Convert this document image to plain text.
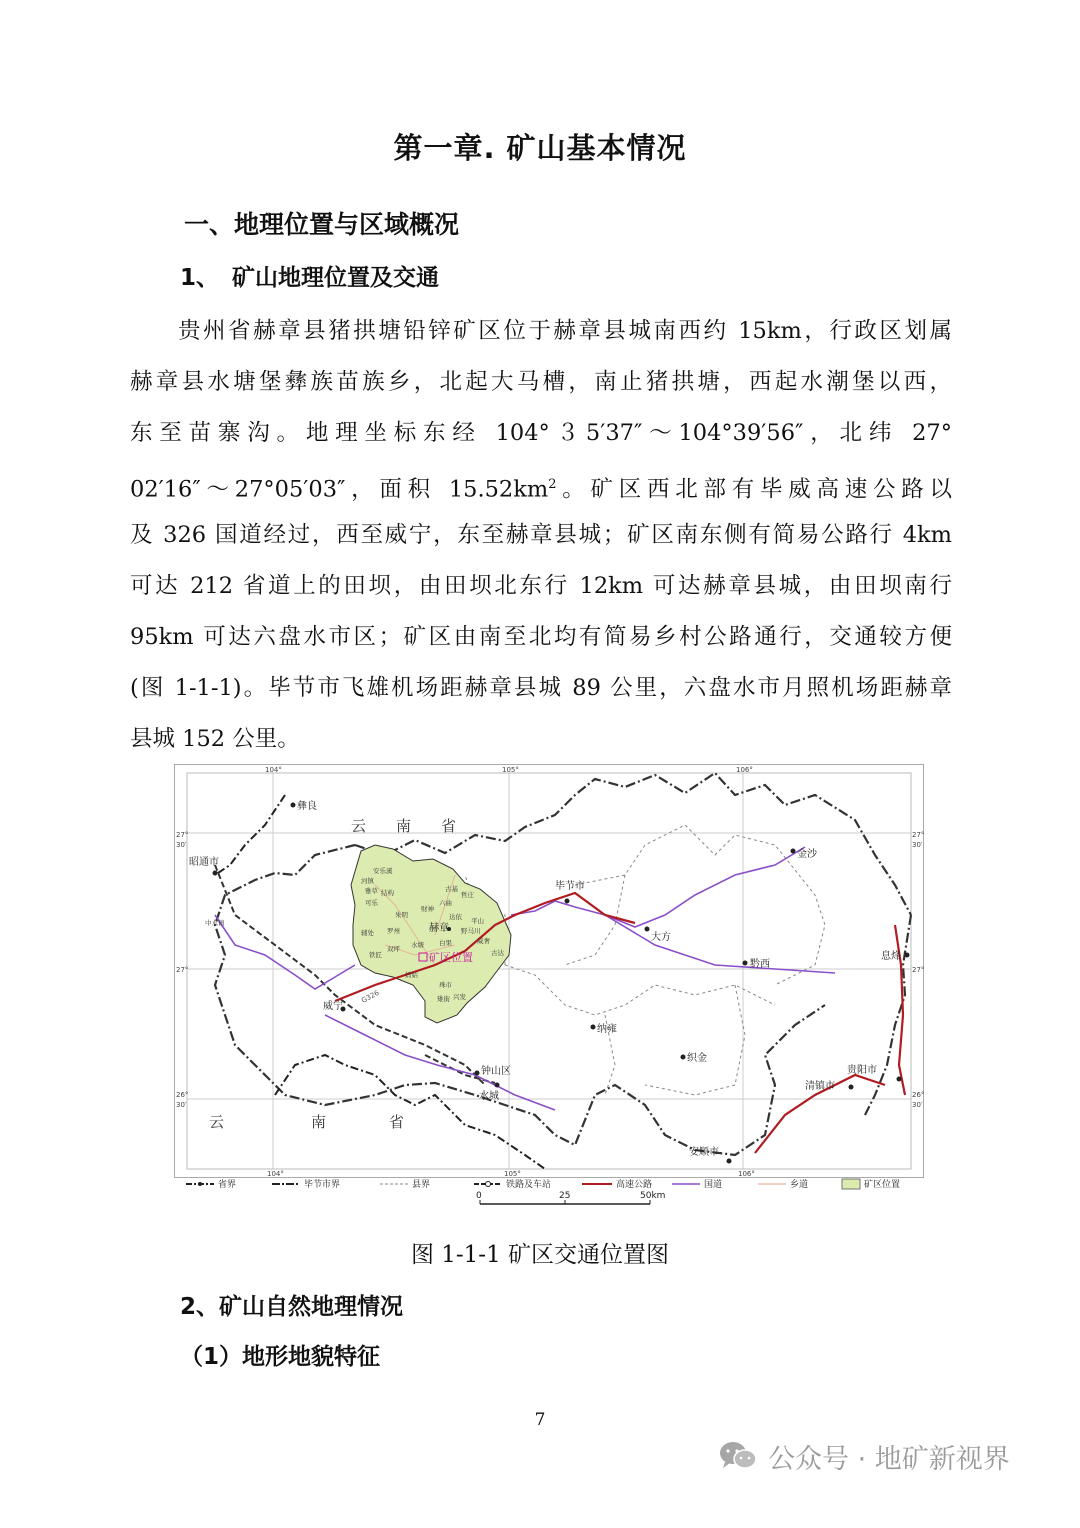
第一章. 矿山基本情况
一、地理位置与区域概况
1、 矿山地理位置及交通
贵州省赫章县猪拱塘铅锌矿区位于赫章县城南西约 15km，行政区划属
赫章县水塘堡彝族苗族乡，北起大马槽，南止猪拱塘，西起水潮堡以西，
东至苗寨沟。地理坐标东经 104°３5′37″～104°39′56″，北纬 27°
02′16″～27°05′03″，面积 $15.52km^2$。矿区西北部有毕威高速公路以
及 326 国道经过，西至威宁，东至赫章县城；矿区南东侧有简易公路行 4km
可达 212 省道上的田坝，由田坝北东行 12km 可达赫章县城，由田坝南行
95km 可达六盘水市区；矿区由南至北均有简易乡村公路通行，交通较方便
(图 1-1-1)。毕节市飞雄机场距赫章县城 89 公里，六盘水市月照机场距赫章
县城 152 公里。
104°	105°	106°
104°	105°	106°
27°
30′
27°
26°
30′
27°
30′
27°
26°
30′
彝良
昭通市
毕节市
金沙
大方
黔西
息烽
威宁
纳雍
织金
钟山区
水城
贵阳市
清镇市
安顺市
赫章
安乐溪
河镇
雅草 结构
可乐
古基
哲庄
财神
六曲
达依
朱明
罗州
平山
野马川
中水镇
辅处
双坪 水塘 白果	威奢
铁匠	古达
妈姑
珠市
兴发
雉街
矿区位置
G326
云　　南　　省
云	南	省
省界	毕节市界	县界	铁路及车站	高速公路	国道	乡道	矿区位置
0	25	50km
图 1-1-1 矿区交通位置图
2、矿山自然地理情况
（1）地形地貌特征
7
公众号 · 地矿新视界
